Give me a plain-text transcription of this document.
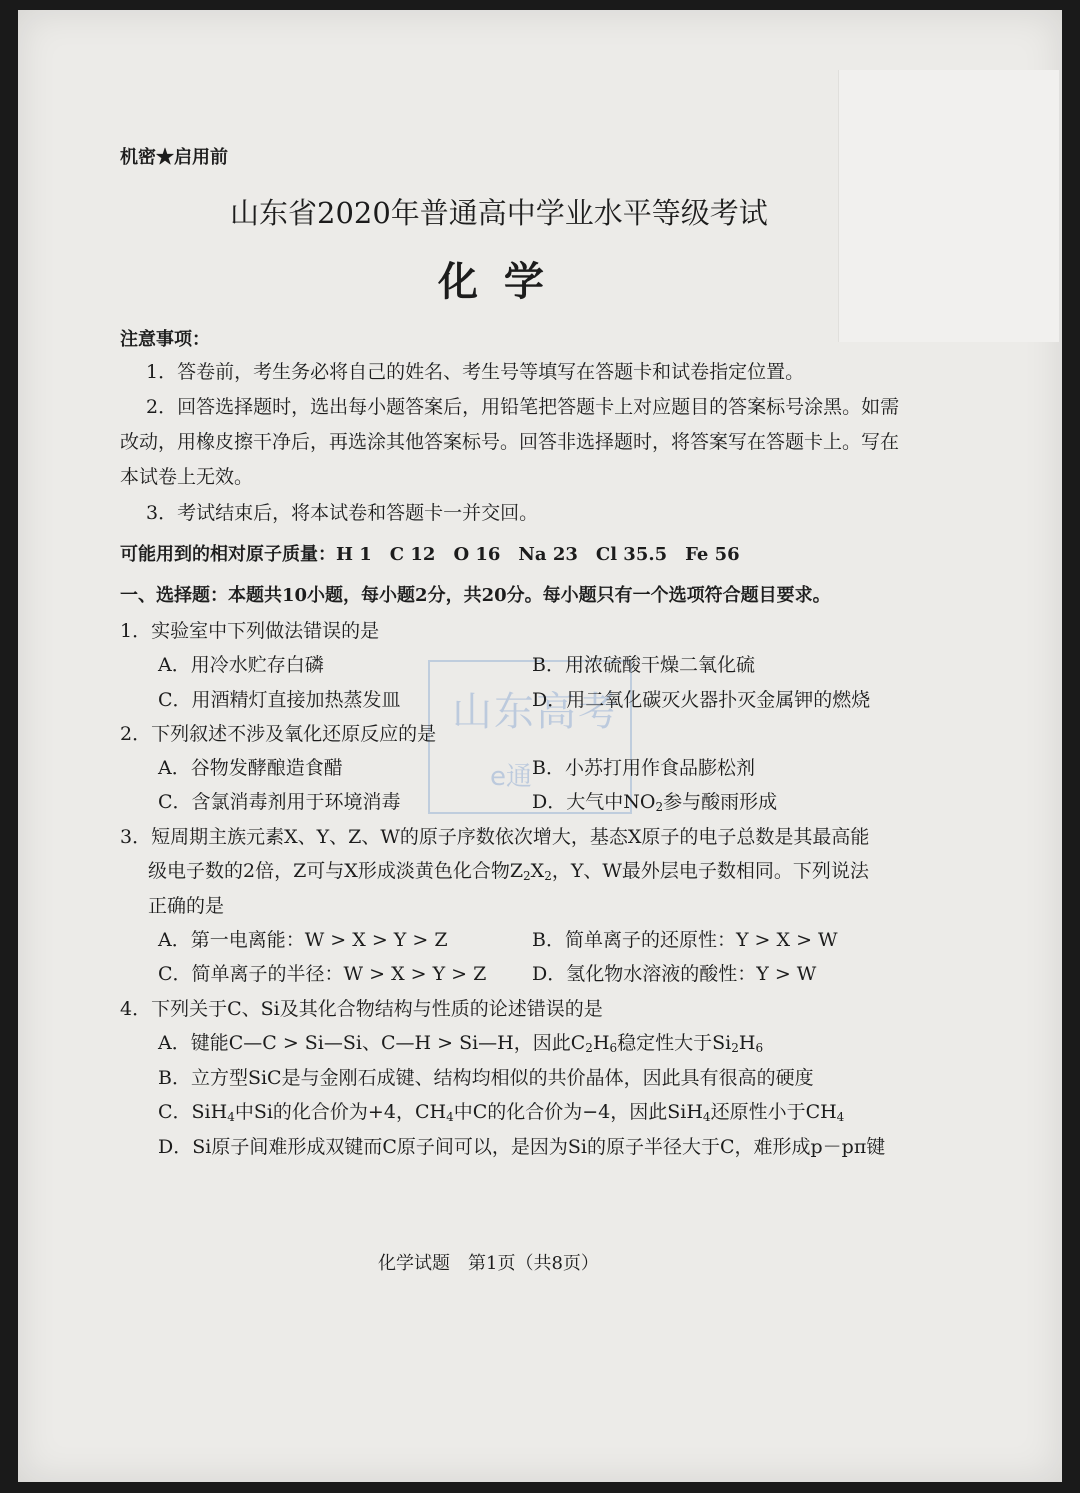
山东高考
e通
机密★启用前
山东省2020年普通高中学业水平等级考试
化 学
注意事项：
1．答卷前，考生务必将自己的姓名、考生号等填写在答题卡和试卷指定位置。
2．回答选择题时，选出每小题答案后，用铅笔把答题卡上对应题目的答案标号涂黑。如需
改动，用橡皮擦干净后，再选涂其他答案标号。回答非选择题时，将答案写在答题卡上。写在
本试卷上无效。
3．考试结束后，将本试卷和答题卡一并交回。
可能用到的相对原子质量：H 1　C 12　O 16　Na 23　Cl 35.5　Fe 56
一、选择题：本题共10小题，每小题2分，共20分。每小题只有一个选项符合题目要求。
1．实验室中下列做法错误的是
A．用冷水贮存白磷	B．用浓硫酸干燥二氧化硫
C．用酒精灯直接加热蒸发皿	D．用二氧化碳灭火器扑灭金属钾的燃烧
2．下列叙述不涉及氧化还原反应的是
A．谷物发酵酿造食醋	B．小苏打用作食品膨松剂
C．含氯消毒剂用于环境消毒	D．大气中$NO_2$参与酸雨形成
3．短周期主族元素X、Y、Z、W的原子序数依次增大，基态X原子的电子总数是其最高能
级电子数的2倍，Z可与X形成淡黄色化合物$Z_2X_2$，Y、W最外层电子数相同。下列说法
正确的是
A．第一电离能：W > X > Y > Z	B．简单离子的还原性：Y > X > W
C．简单离子的半径：W > X > Y > Z D．氢化物水溶液的酸性：Y > W
4．下列关于C、Si及其化合物结构与性质的论述错误的是
A．键能C—C > Si—Si、C—H > Si—H，因此$C_2H_6$稳定性大于$Si_2H_6$
B．立方型SiC是与金刚石成键、结构均相似的共价晶体，因此具有很高的硬度
C．SiH$_4$中Si的化合价为+4，$CH_4$中C的化合价为−4，因此SiH$_4$还原性小于$CH_4$
D．Si原子间难形成双键而C原子间可以，是因为Si的原子半径大于C，难形成p－pπ键
化学试题　第1页（共8页）
